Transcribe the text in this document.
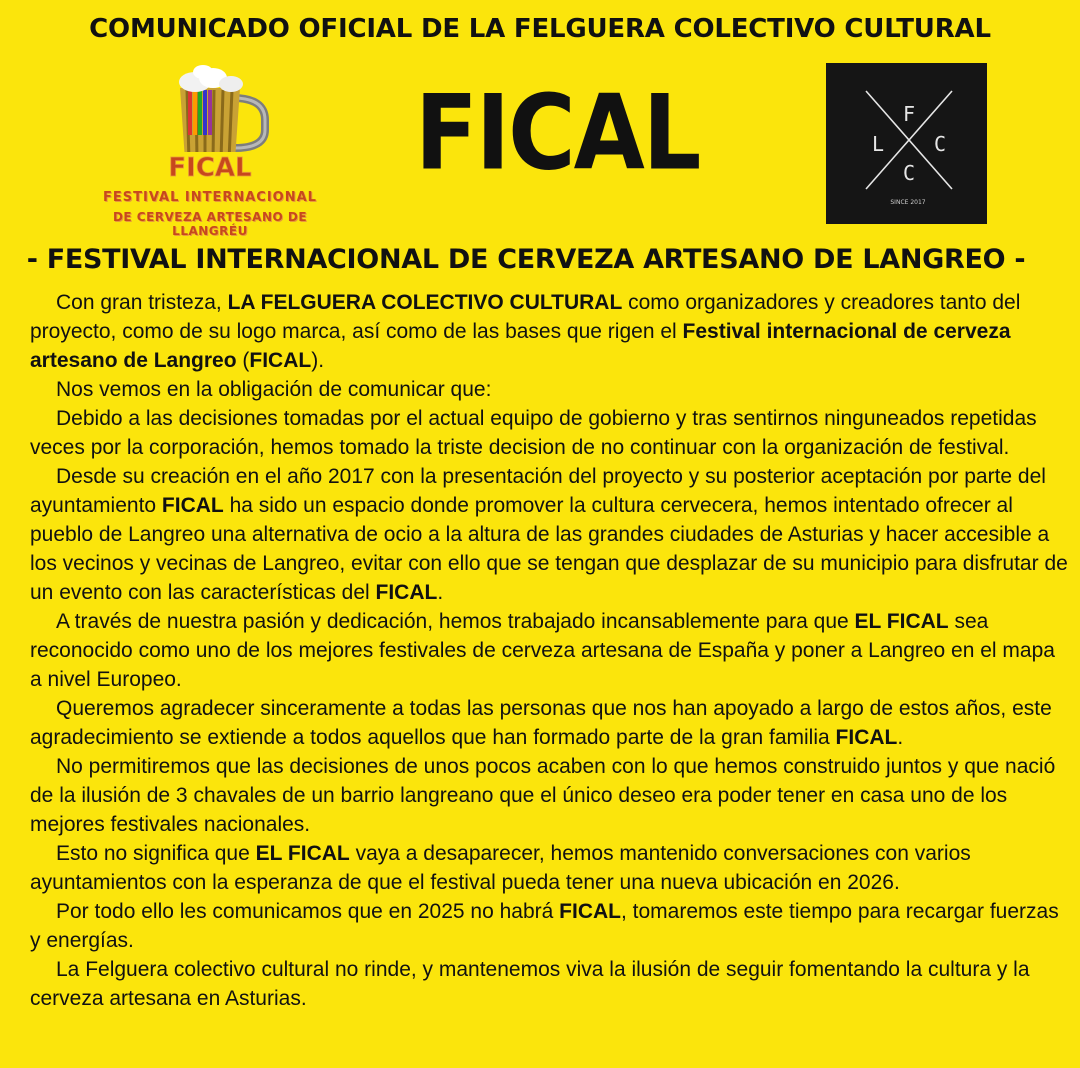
COMUNICADO OFICIAL DE LA FELGUERA COLECTIVO CULTURAL
FICAL
FESTIVAL INTERNACIONAL
DE CERVEZA ARTESANO DE LLANGRÉU
FICAL	F
L C
C
SINCE 2017
- FESTIVAL INTERNACIONAL DE CERVEZA ARTESANO DE LANGREO -

Con gran tristeza, LA FELGUERA COLECTIVO CULTURAL como organizadores y creadores tanto del proyecto, como de su logo marca, así como de las bases que rigen el Festival internacional de cerveza artesano de Langreo (FICAL).

Nos vemos en la obligación de comunicar que:

Debido a las decisiones tomadas por el actual equipo de gobierno y tras sentirnos ninguneados repetidas veces por la corporación, hemos tomado la triste decision de no continuar con la organización de festival.

Desde su creación en el año 2017 con la presentación del proyecto y su posterior aceptación por parte del ayuntamiento FICAL ha sido un espacio donde promover la cultura cervecera, hemos intentado ofrecer al pueblo de Langreo una alternativa de ocio a la altura de las grandes ciudades de Asturias y hacer accesible a los vecinos y vecinas de Langreo, evitar con ello que se tengan que desplazar de su municipio para disfrutar de un evento con las características del FICAL.

A través de nuestra pasión y dedicación, hemos trabajado incansablemente para que EL FICAL sea reconocido como uno de los mejores festivales de cerveza artesana de España y poner a Langreo en el mapa a nivel Europeo.

Queremos agradecer sinceramente a todas las personas que nos han apoyado a largo de estos años, este agradecimiento se extiende a todos aquellos que han formado parte de la gran familia FICAL.

No permitiremos que las decisiones de unos pocos acaben con lo que hemos construido juntos y que nació de la ilusión de 3 chavales de un barrio langreano que el único deseo era poder tener en casa uno de los mejores festivales nacionales.

Esto no significa que EL FICAL vaya a desaparecer, hemos mantenido conversaciones con varios ayuntamientos con la esperanza de que el festival pueda tener una nueva ubicación en 2026.

Por todo ello les comunicamos que en 2025 no habrá FICAL, tomaremos este tiempo para recargar fuerzas y energías.

La Felguera colectivo cultural no rinde, y mantenemos viva la ilusión de seguir fomentando la cultura y la cerveza artesana en Asturias.
